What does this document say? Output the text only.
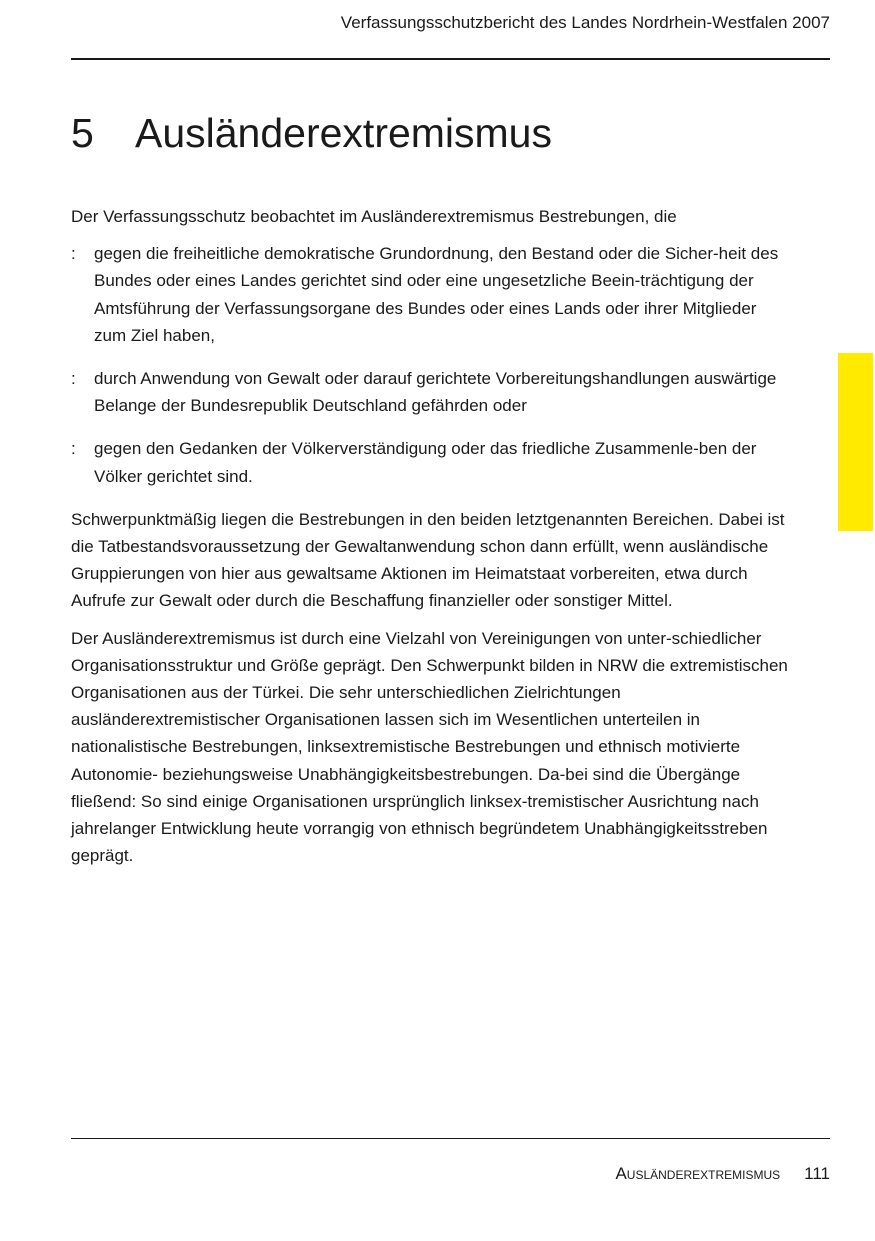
Verfassungsschutzbericht des Landes Nordrhein-Westfalen 2007
5 Ausländerextremismus

Der Verfassungsschutz beobachtet im Ausländerextremismus Bestrebungen, die

: gegen die freiheitliche demokratische Grundordnung, den Bestand oder die Sicher-heit des Bundes oder eines Landes gerichtet sind oder eine ungesetzliche Beein-trächtigung der Amtsführung der Verfassungsorgane des Bundes oder eines Lands oder ihrer Mitglieder zum Ziel haben,
: durch Anwendung von Gewalt oder darauf gerichtete Vorbereitungshandlungen auswärtige Belange der Bundesrepublik Deutschland gefährden oder
: gegen den Gedanken der Völkerverständigung oder das friedliche Zusammenle-ben der Völker gerichtet sind.

Schwerpunktmäßig liegen die Bestrebungen in den beiden letztgenannten Bereichen. Dabei ist die Tatbestandsvoraussetzung der Gewaltanwendung schon dann erfüllt, wenn ausländische Gruppierungen von hier aus gewaltsame Aktionen im Heimatstaat vorbereiten, etwa durch Aufrufe zur Gewalt oder durch die Beschaffung finanzieller oder sonstiger Mittel.

Der Ausländerextremismus ist durch eine Vielzahl von Vereinigungen von unter-schiedlicher Organisationsstruktur und Größe geprägt. Den Schwerpunkt bilden in NRW die extremistischen Organisationen aus der Türkei. Die sehr unterschiedlichen Zielrichtungen ausländerextremistischer Organisationen lassen sich im Wesentlichen unterteilen in nationalistische Bestrebungen, linksextremistische Bestrebungen und ethnisch motivierte Autonomie- beziehungsweise Unabhängigkeitsbestrebungen. Da-bei sind die Übergänge fließend: So sind einige Organisationen ursprünglich linksex-tremistischer Ausrichtung nach jahrelanger Entwicklung heute vorrangig von ethnisch begründetem Unabhängigkeitsstreben geprägt.

Ausländerextremismus 111
